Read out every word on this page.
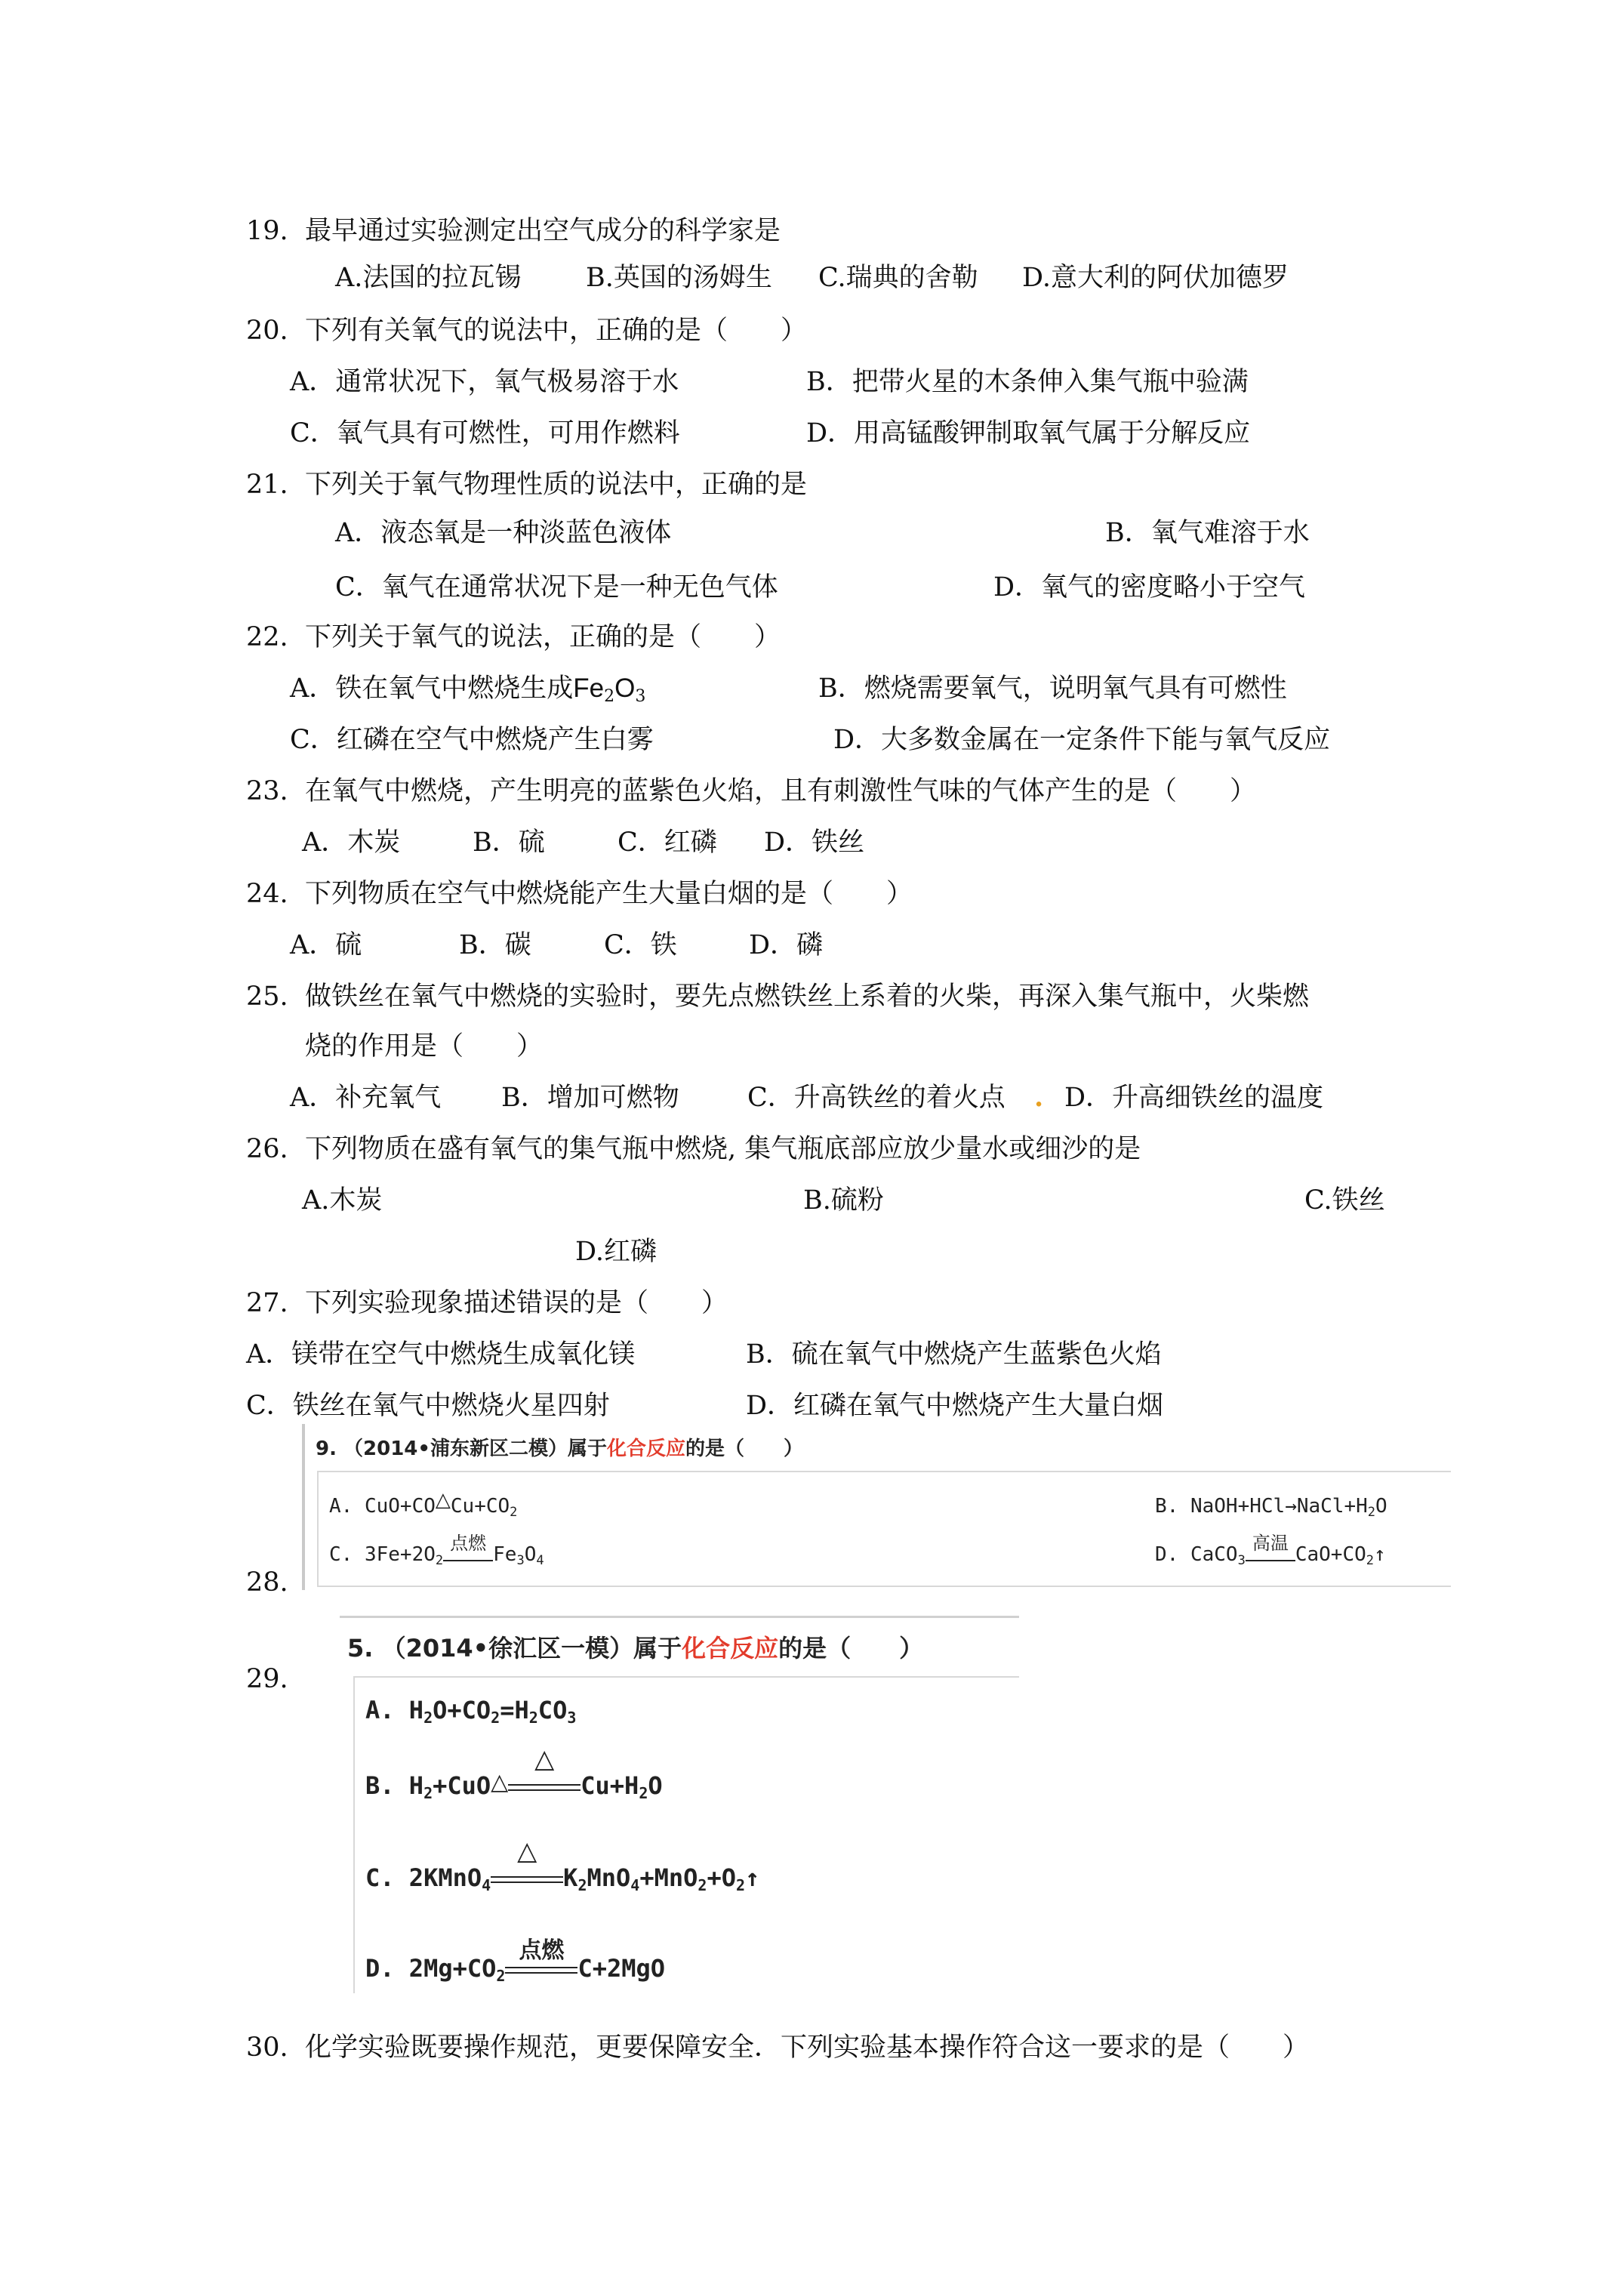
19. 最早通过实验测定出空气成分的科学家是
A.法国的拉瓦锡 B.英国的汤姆生 C.瑞典的舍勒 D.意大利的阿伏加德罗
20. 下列有关氧气的说法中，正确的是（　　）
A．通常状况下，氧气极易溶于水	B．把带火星的木条伸入集气瓶中验满
C．氧气具有可燃性，可用作燃料	D．用高锰酸钾制取氧气属于分解反应
21. 下列关于氧气物理性质的说法中，正确的是
A．液态氧是一种淡蓝色液体	B．氧气难溶于水
C．氧气在通常状况下是一种无色气体	D．氧气的密度略小于空气
22. 下列关于氧气的说法，正确的是（　　）
A．铁在氧气中燃烧生成$Fe_2O_3$	B．燃烧需要氧气，说明氧气具有可燃性
C．红磷在空气中燃烧产生白雾	D．大多数金属在一定条件下能与氧气反应
23. 在氧气中燃烧，产生明亮的蓝紫色火焰，且有刺激性气味的气体产生的是（　　）
A．木炭	B．硫	C．红磷 D．铁丝
24. 下列物质在空气中燃烧能产生大量白烟的是（　　）
A．硫	B．碳	C．铁	D．磷
25. 做铁丝在氧气中燃烧的实验时，要先点燃铁丝上系着的火柴，再深入集气瓶中，火柴燃
烧的作用是（　　）
A．补充氧气 B．增加可燃物	C．升高铁丝的着火点 . D．升高细铁丝的温度
26. 下列物质在盛有氧气的集气瓶中燃烧, 集气瓶底部应放少量水或细沙的是
A.木炭	B.硫粉	C.铁丝
D.红磷
27. 下列实验现象描述错误的是（　　）
A．镁带在空气中燃烧生成氧化镁	B．硫在氧气中燃烧产生蓝紫色火焰
C．铁丝在氧气中燃烧火星四射	D．红磷在氧气中燃烧产生大量白烟
28.
9. （2014•浦东新区二模）属于化合反应的是（　　）
A. $CuO+CO\triangle Cu+CO_2$	B. $NaOH+HCl\to NaCl+H_2O$
C. $3Fe+2O_2$
点燃 $Fe_3O_4$	D. CaCO$_3$
高温 $CaO+CO_2↑$
29.
5. （2014•徐汇区一模）属于化合反应的是（　　）
A. $H_2O+CO_2=H_2CO_3$
B. $H_2+CuO\triangle$
△
$Cu+H_2O$
C. 2KMnO$_4$
△
$K_2MnO_4+MnO_2+O_2↑$
D. $2Mg+CO_2$
点燃
C+2MgO
30. 化学实验既要操作规范，更要保障安全．下列实验基本操作符合这一要求的是（　　）
